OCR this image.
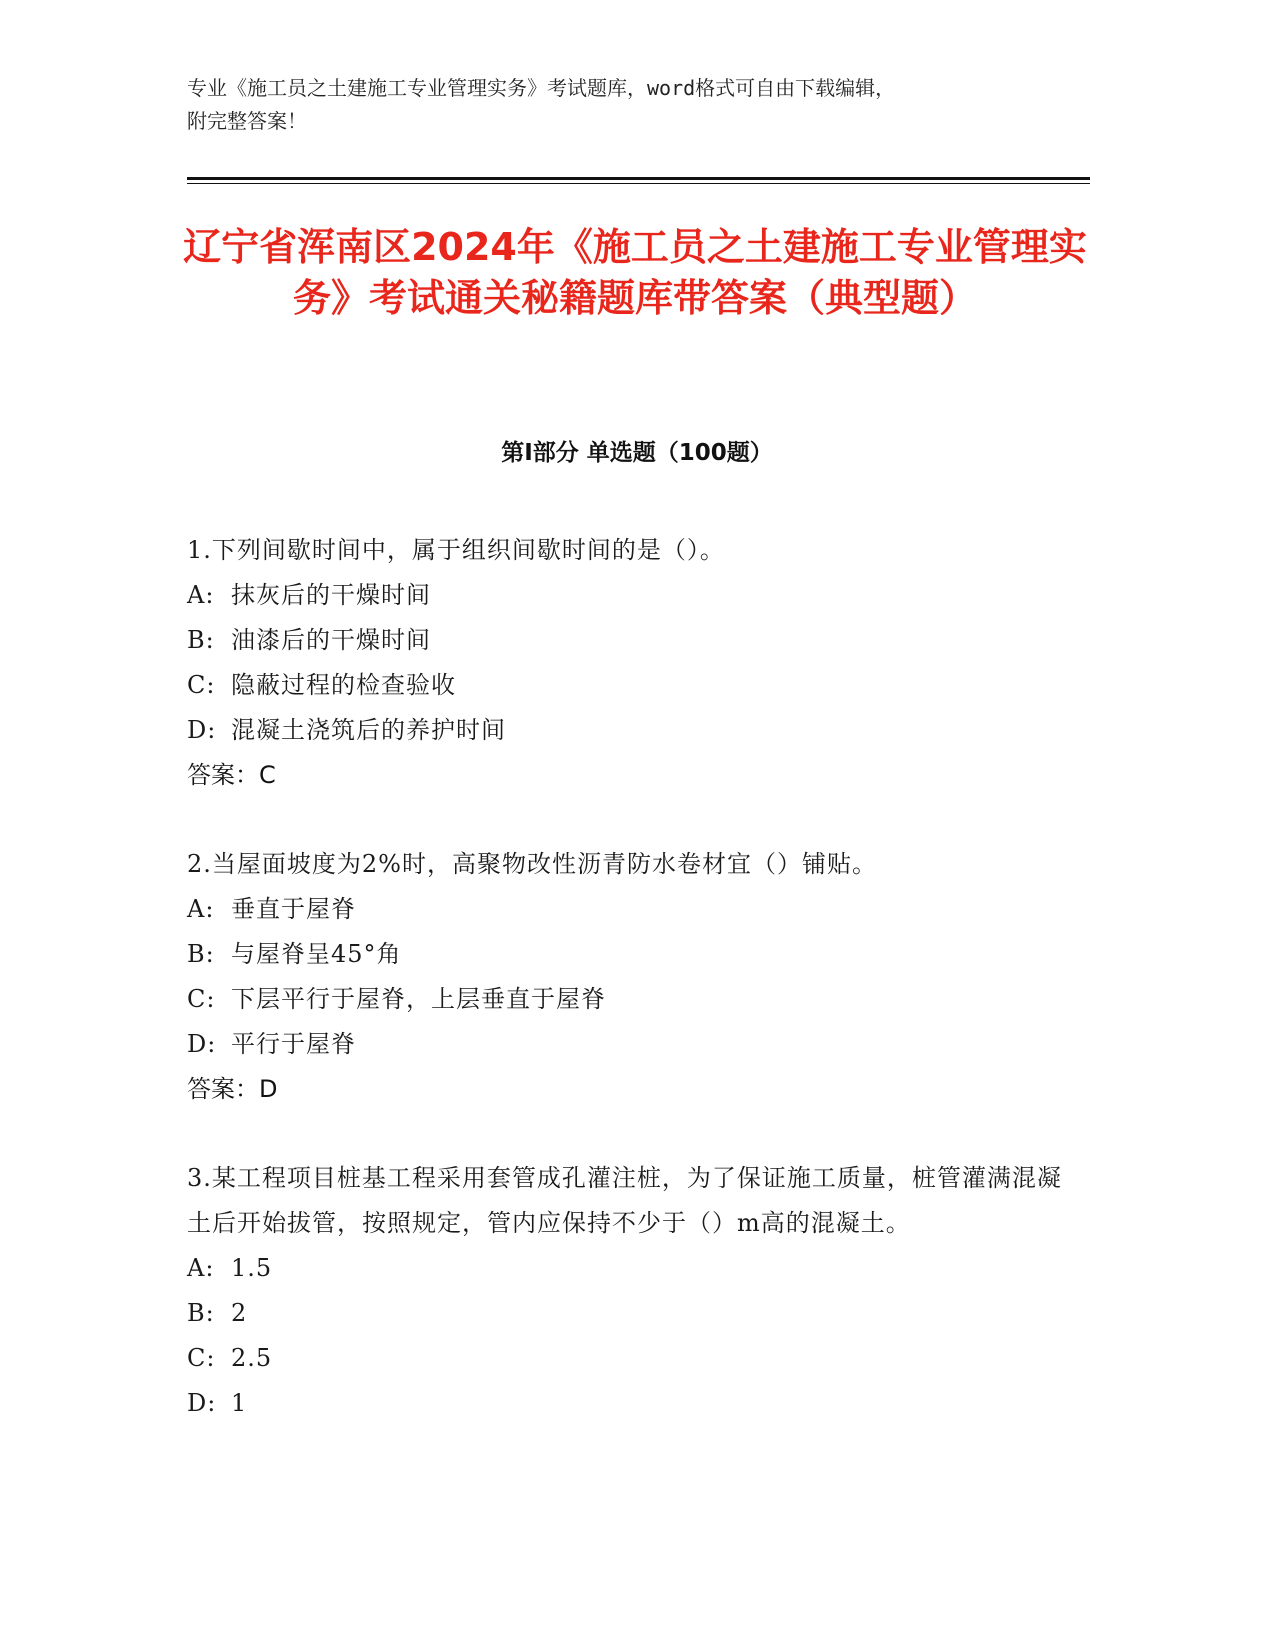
专业《施工员之土建施工专业管理实务》考试题库，word格式可自由下载编辑，
附完整答案！
辽宁省浑南区2024年《施工员之土建施工专业管理实务》考试通关秘籍题库带答案（典型题）
第Ⅰ部分 单选题（100题）
1.下列间歇时间中，属于组织间歇时间的是（）。
A: 抹灰后的干燥时间
B: 油漆后的干燥时间
C: 隐蔽过程的检查验收
D: 混凝土浇筑后的养护时间
答案：C
2.当屋面坡度为2%时，高聚物改性沥青防水卷材宜（）铺贴。
A: 垂直于屋脊
B: 与屋脊呈45°角
C: 下层平行于屋脊，上层垂直于屋脊
D: 平行于屋脊
答案：D
3.某工程项目桩基工程采用套管成孔灌注桩，为了保证施工质量，桩管灌满混凝土后开始拔管，按照规定，管内应保持不少于（）m高的混凝土。
A: 1.5
B: 2
C: 2.5
D: 1
